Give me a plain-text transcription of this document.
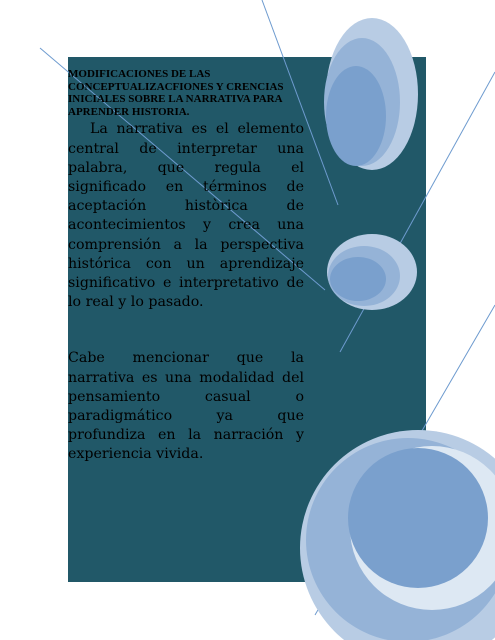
MODIFICACIONES DE LAS CONCEPTUALIZACFIONES Y CRENCIAS INICIALES SOBRE LA NARRATIVA PARA APRENDER HISTORIA.

La narrativa es el elemento central de interpretar una palabra, que regula el significado en términos de aceptación històrica de acontecimientos y crea una comprensión a la perspectiva histórica con un aprendizaje significativo e interpretativo de lo real y lo pasado.

Cabe mencionar que la narrativa es una modalidad del pensamiento casual o paradigmático ya que profundiza en la narración y experiencia vivida.
